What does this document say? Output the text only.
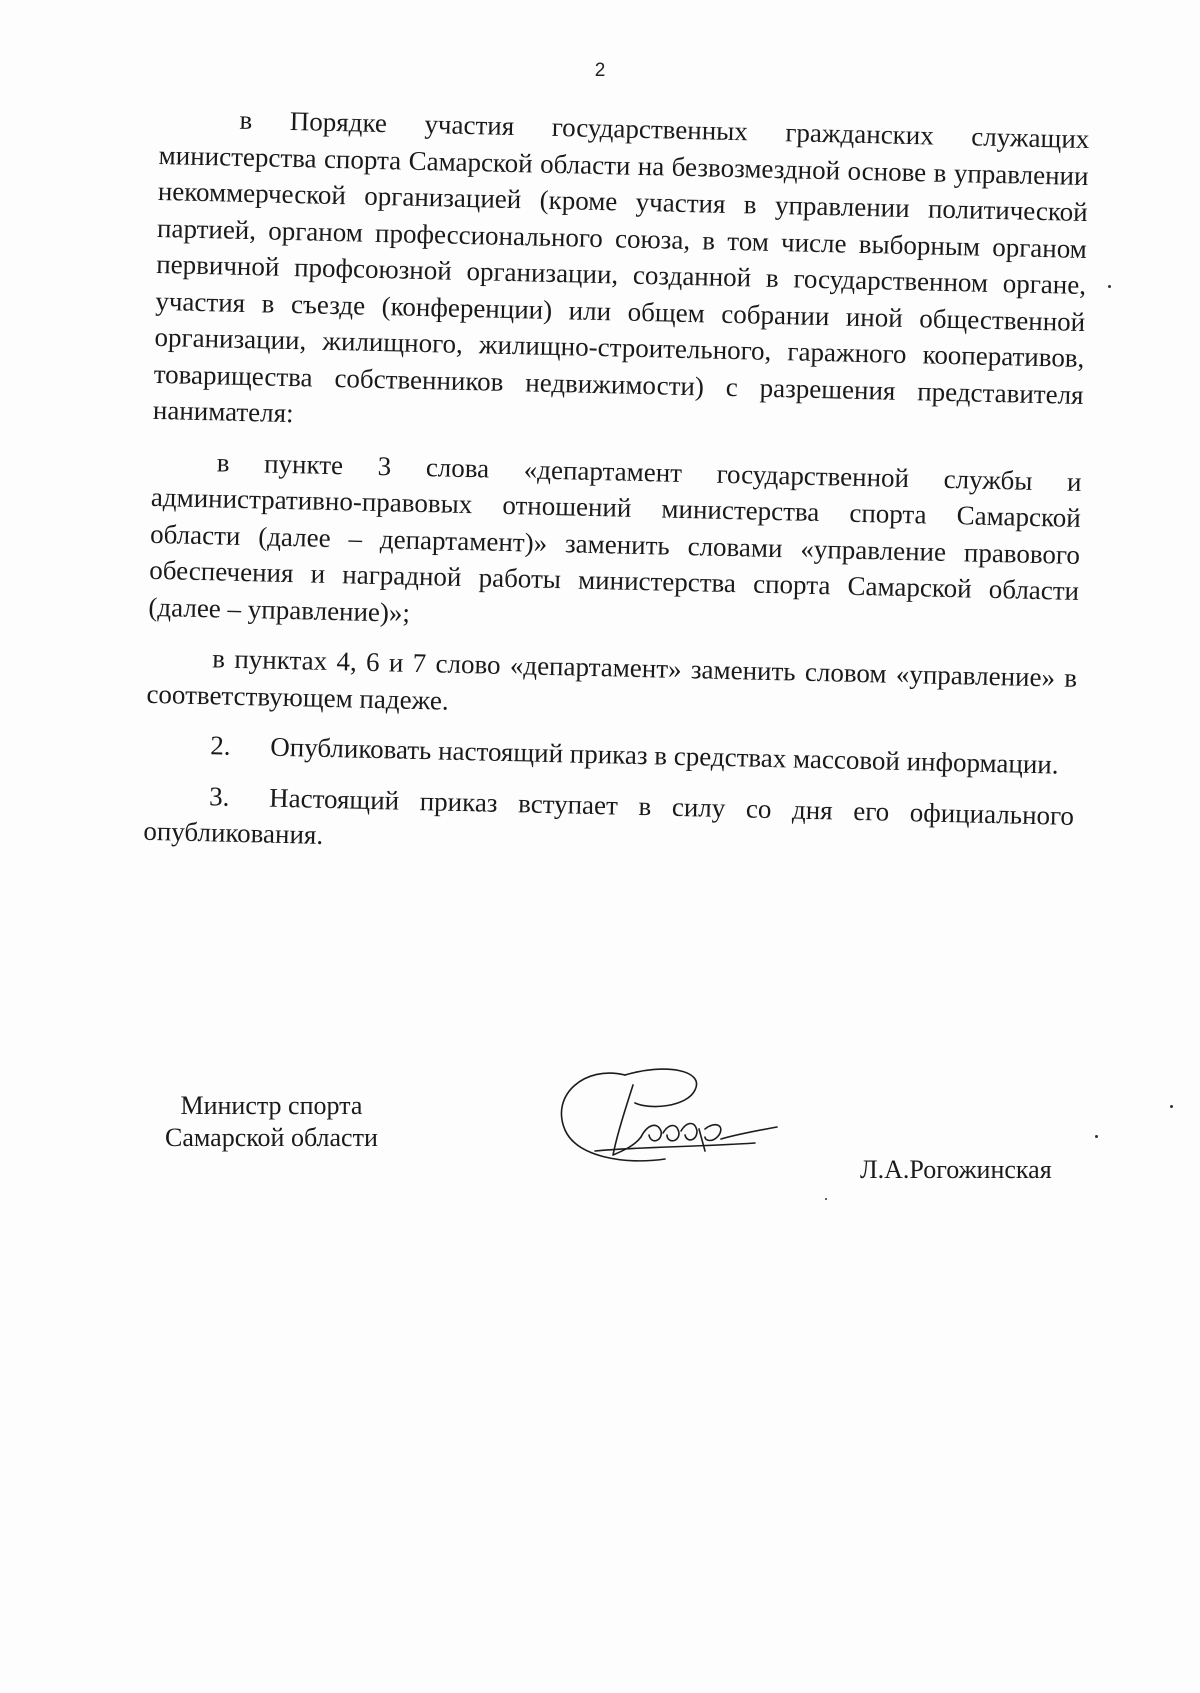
2

в Порядке участия государственных гражданских служащих министерства спорта Самарской области на безвозмездной основе в управлении некоммерческой организацией (кроме участия в управлении политической партией, органом профессионального союза, в том числе выборным органом первичной профсоюзной организации, созданной в государственном органе, участия в съезде (конференции) или общем собрании иной общественной организации, жилищного, жилищно-строительного, гаражного кооперативов, товарищества собственников недвижимости) с разрешения представителя нанимателя:

в пункте 3 слова «департамент государственной службы и административно-правовых отношений министерства спорта Самарской области (далее – департамент)» заменить словами «управление правового обеспечения и наградной работы министерства спорта Самарской области (далее – управление)»;

в пунктах 4, 6 и 7 слово «департамент» заменить словом «управление» в соответствующем падеже.

2. Опубликовать настоящий приказ в средствах массовой информации.

3. Настоящий приказ вступает в силу со дня его официального опубликования.

Министр спорта
Самарской области
Л.А.Рогожинская
